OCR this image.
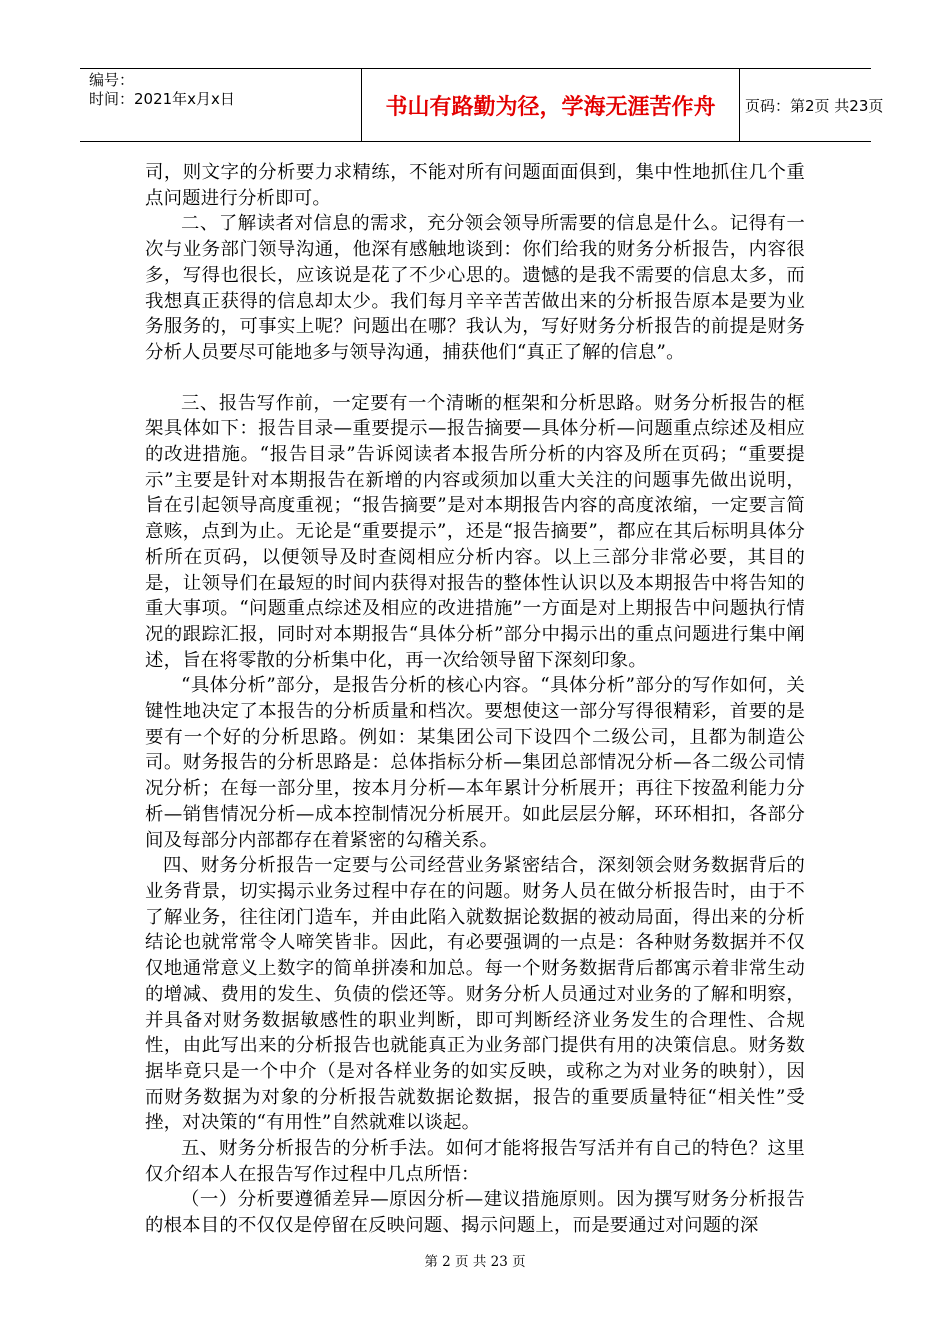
编号：
时间：2021年x月x日	书山有路勤为径，学海无涯苦作舟	页码：第2页 共23页

司，则文字的分析要力求精练，不能对所有问题面面俱到，集中性地抓住几个重点问题进行分析即可。

二、了解读者对信息的需求，充分领会领导所需要的信息是什么。记得有一次与业务部门领导沟通，他深有感触地谈到：你们给我的财务分析报告，内容很多，写得也很长，应该说是花了不少心思的。遗憾的是我不需要的信息太多，而我想真正获得的信息却太少。我们每月辛辛苦苦做出来的分析报告原本是要为业务服务的，可事实上呢？问题出在哪？我认为，写好财务分析报告的前提是财务分析人员要尽可能地多与领导沟通，捕获他们“真正了解的信息”。

三、报告写作前，一定要有一个清晰的框架和分析思路。财务分析报告的框架具体如下：报告目录—重要提示—报告摘要—具体分析—问题重点综述及相应的改进措施。“报告目录”告诉阅读者本报告所分析的内容及所在页码；“重要提示”主要是针对本期报告在新增的内容或须加以重大关注的问题事先做出说明，旨在引起领导高度重视；“报告摘要”是对本期报告内容的高度浓缩，一定要言简意赅，点到为止。无论是“重要提示”，还是“报告摘要”，都应在其后标明具体分析所在页码，以便领导及时查阅相应分析内容。以上三部分非常必要，其目的是，让领导们在最短的时间内获得对报告的整体性认识以及本期报告中将告知的重大事项。“问题重点综述及相应的改进措施”一方面是对上期报告中问题执行情况的跟踪汇报，同时对本期报告“具体分析”部分中揭示出的重点问题进行集中阐述，旨在将零散的分析集中化，再一次给领导留下深刻印象。

“具体分析”部分，是报告分析的核心内容。“具体分析”部分的写作如何，关键性地决定了本报告的分析质量和档次。要想使这一部分写得很精彩，首要的是要有一个好的分析思路。例如：某集团公司下设四个二级公司，且都为制造公司。财务报告的分析思路是：总体指标分析—集团总部情况分析—各二级公司情况分析；在每一部分里，按本月分析—本年累计分析展开；再往下按盈利能力分析—销售情况分析—成本控制情况分析展开。如此层层分解，环环相扣，各部分间及每部分内部都存在着紧密的勾稽关系。

四、财务分析报告一定要与公司经营业务紧密结合，深刻领会财务数据背后的业务背景，切实揭示业务过程中存在的问题。财务人员在做分析报告时，由于不了解业务，往往闭门造车，并由此陷入就数据论数据的被动局面，得出来的分析结论也就常常令人啼笑皆非。因此，有必要强调的一点是：各种财务数据并不仅仅地通常意义上数字的简单拼凑和加总。每一个财务数据背后都寓示着非常生动的增减、费用的发生、负债的偿还等。财务分析人员通过对业务的了解和明察，并具备对财务数据敏感性的职业判断，即可判断经济业务发生的合理性、合规性，由此写出来的分析报告也就能真正为业务部门提供有用的决策信息。财务数据毕竟只是一个中介（是对各样业务的如实反映，或称之为对业务的映射），因而财务数据为对象的分析报告就数据论数据，报告的重要质量特征“相关性”受挫，对决策的“有用性”自然就难以谈起。

五、财务分析报告的分析手法。如何才能将报告写活并有自己的特色？这里仅介绍本人在报告写作过程中几点所悟：

（一）分析要遵循差异—原因分析—建议措施原则。因为撰写财务分析报告的根本目的不仅仅是停留在反映问题、揭示问题上，而是要通过对问题的深

第 2 页 共 23 页
